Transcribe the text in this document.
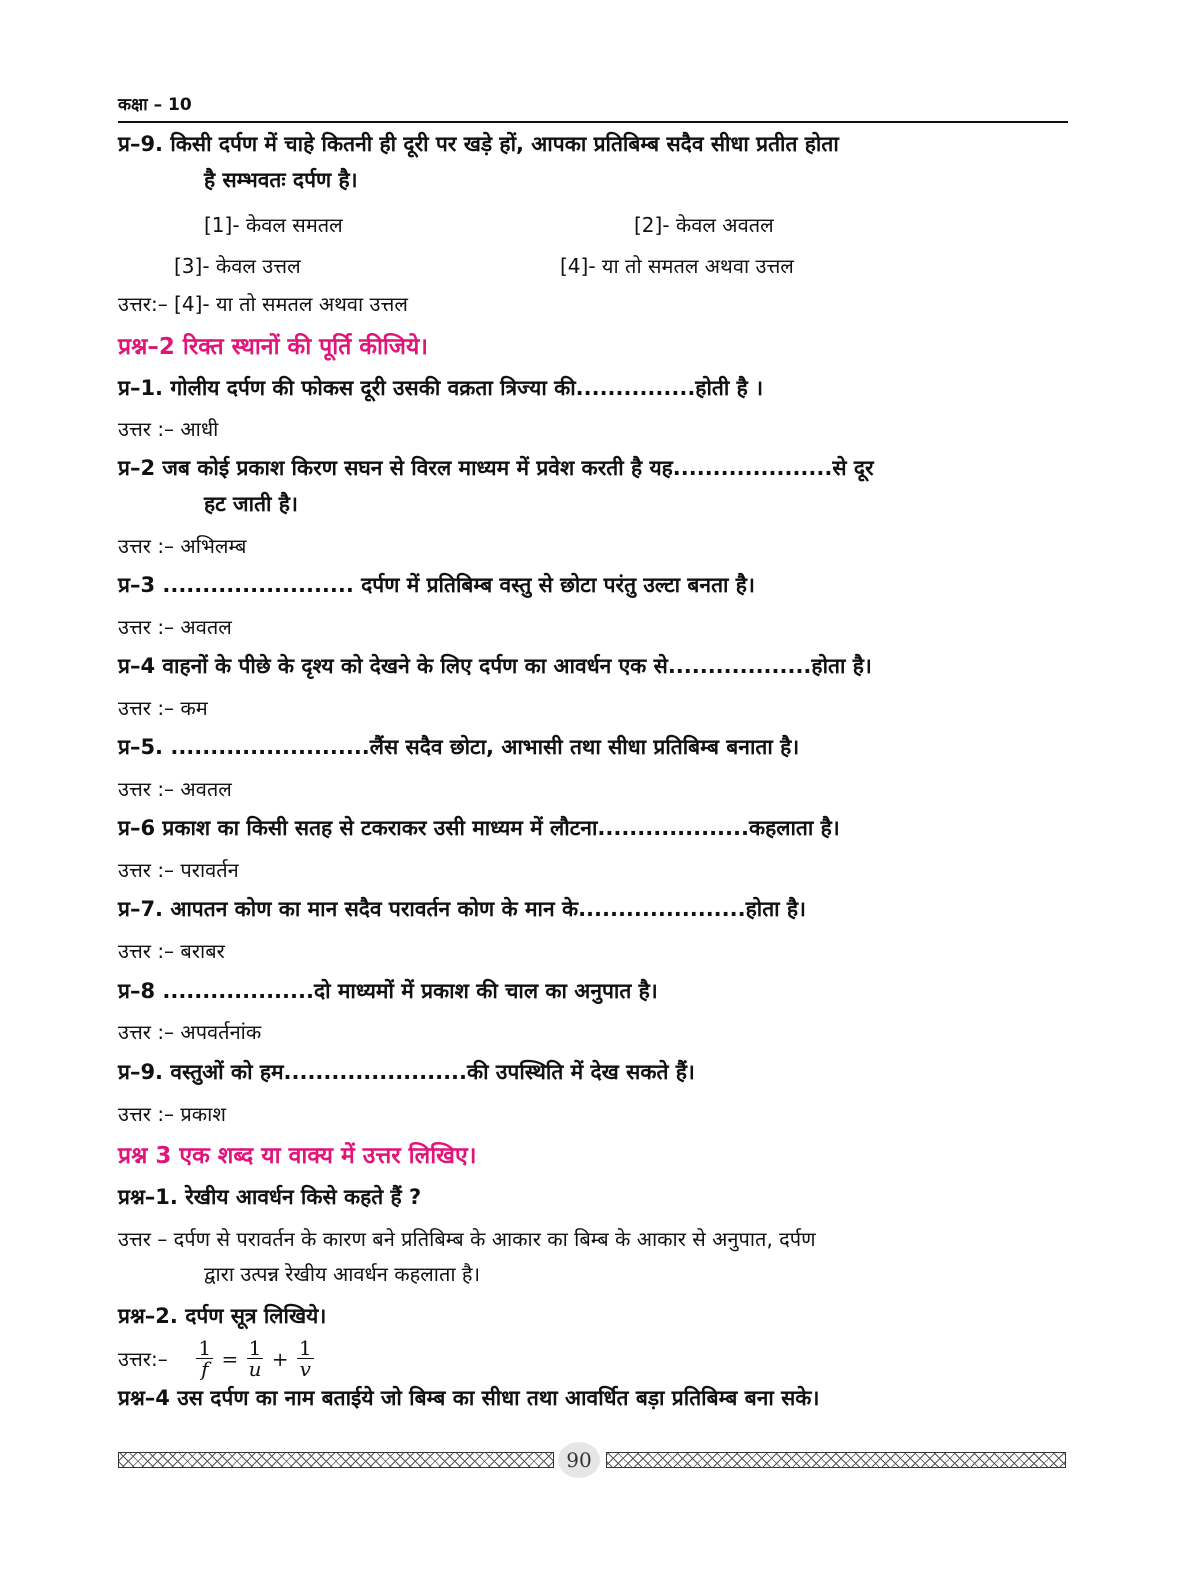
कक्षा – 10
प्र–9. किसी दर्पण में चाहे कितनी ही दूरी पर खड़े हों, आपका प्रतिबिम्ब सदैव सीधा प्रतीत होता
है सम्भवतः दर्पण है।
[1]- केवल समतल	[2]- केवल अवतल
[3]- केवल उत्तल	[4]- या तो समतल अथवा उत्तल
उत्तर:– [4]- या तो समतल अथवा उत्तल
प्रश्न–2 रिक्त स्थानों की पूर्ति कीजिये।
प्र–1. गोलीय दर्पण की फोकस दूरी उसकी वक्रता त्रिज्या की...............होती है ।
उत्तर :– आधी
प्र–2 जब कोई प्रकाश किरण सघन से विरल माध्यम में प्रवेश करती है यह....................से दूर
हट जाती है।
उत्तर :– अभिलम्ब
प्र–3 ........................ दर्पण में प्रतिबिम्ब वस्तु से छोटा परंतु उल्टा बनता है।
उत्तर :– अवतल
प्र–4 वाहनों के पीछे के दृश्य को देखने के लिए दर्पण का आवर्धन एक से..................होता है।
उत्तर :– कम
प्र–5. .........................लैंस सदैव छोटा, आभासी तथा सीधा प्रतिबिम्ब बनाता है।
उत्तर :– अवतल
प्र–6 प्रकाश का किसी सतह से टकराकर उसी माध्यम में लौटना...................कहलाता है।
उत्तर :– परावर्तन
प्र–7. आपतन कोण का मान सदैव परावर्तन कोण के मान के.....................होता है।
उत्तर :– बराबर
प्र–8 ...................दो माध्यमों में प्रकाश की चाल का अनुपात है।
उत्तर :– अपवर्तनांक
प्र–9. वस्तुओं को हम.......................की उपस्थिति में देख सकते हैं।
उत्तर :– प्रकाश
प्रश्न 3 एक शब्द या वाक्य में उत्तर लिखिए।
प्रश्न–1. रेखीय आवर्धन किसे कहते हैं ?
उत्तर – दर्पण से परावर्तन के कारण बने प्रतिबिम्ब के आकार का बिम्ब के आकार से अनुपात, दर्पण
द्वारा उत्पन्न रेखीय आवर्धन कहलाता है।
प्रश्न–2. दर्पण सूत्र लिखिये।
उत्तर:– $\frac{1}{f} = \frac{1}{u} + \frac{1}{v}$
प्रश्न–4 उस दर्पण का नाम बताईये जो बिम्ब का सीधा तथा आवर्धित बड़ा प्रतिबिम्ब बना सके।
90
